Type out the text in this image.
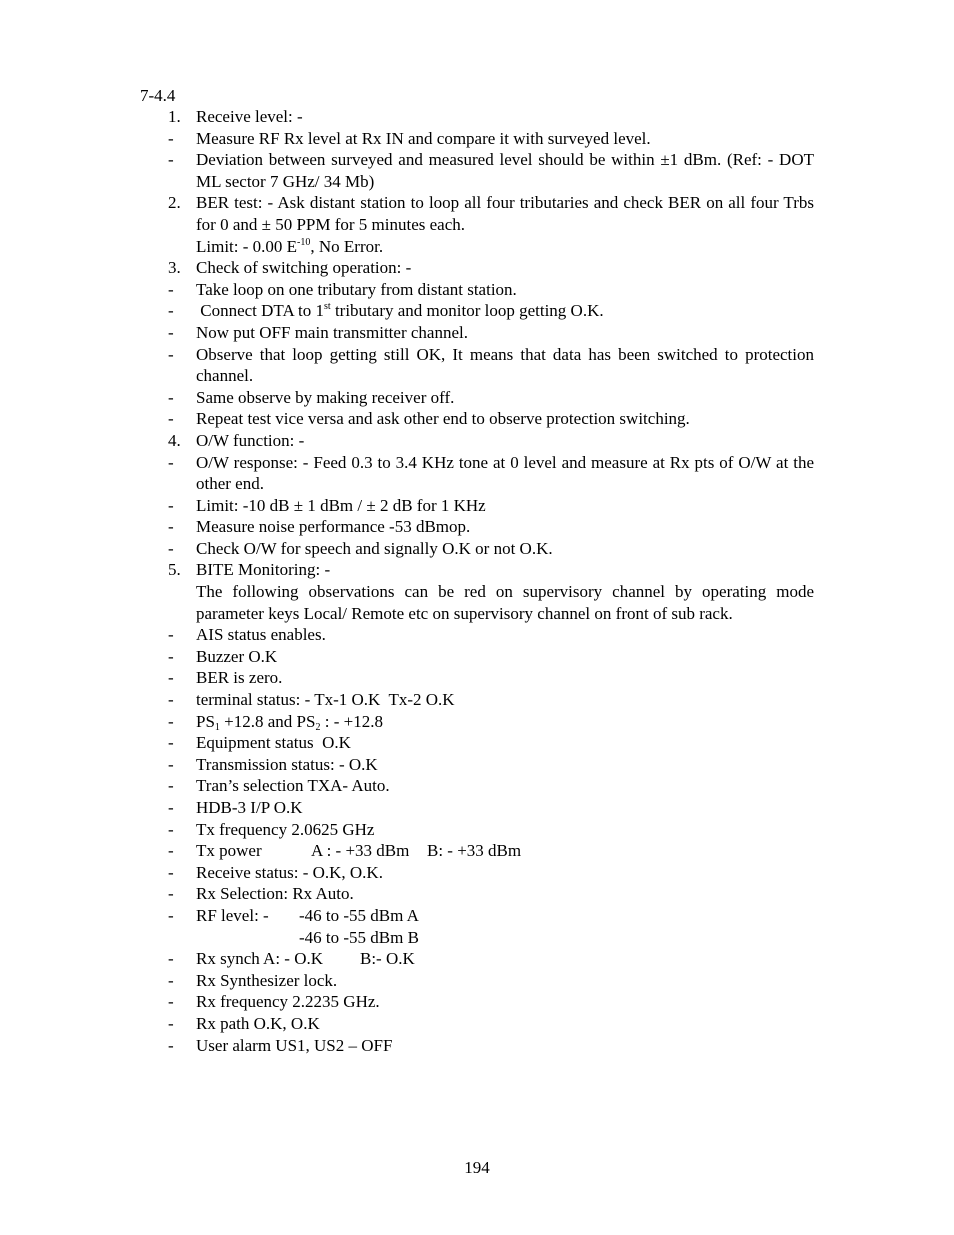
7-4.4
1. Receive level: -
-	Measure RF Rx level at Rx IN and compare it with surveyed level.
-	Deviation between surveyed and measured level should be within ±1 dBm. (Ref: - DOT ML sector 7 GHz/ 34 Mb)
2. BER test: - Ask distant station to loop all four tributaries and check BER on all four Trbs for 0 and ± 50 PPM for 5 minutes each.
Limit: - 0.00 $E^{-10}$, No Error.
3. Check of switching operation: -
-	Take loop on one tributary from distant station.
-	Connect DTA to 1st tributary and monitor loop getting O.K.
-	Now put OFF main transmitter channel.
-	Observe that loop getting still OK, It means that data has been switched to protection channel.
-	Same observe by making receiver off.
-	Repeat test vice versa and ask other end to observe protection switching.
4. O/W function: -
-	O/W response: - Feed 0.3 to 3.4 KHz tone at 0 level and measure at Rx pts of O/W at the other end.
-	Limit: -10 dB ± 1 dBm / ± 2 dB for 1 KHz
-	Measure noise performance -53 dBmop.
-	Check O/W for speech and signally O.K or not O.K.
5. BITE Monitoring: -
The following observations can be red on supervisory channel by operating mode parameter keys Local/ Remote etc on supervisory channel on front of sub rack.
-	AIS status enables.
-	Buzzer O.K
-	BER is zero.
-	terminal status: - Tx-1 O.K  Tx-2 O.K
-	$PS_1 +12.8$ and $PS_2$ : - +12.8
-	Equipment status  O.K
-	Transmission status: - O.K
-	Tran’s selection TXA- Auto.
-	HDB-3 I/P O.K
-	Tx frequency 2.0625 GHz
-	Tx power	A : - +33 dBm B: - +33 dBm
-	Receive status: - O.K, O.K.
-	Rx Selection: Rx Auto.
-	RF level: - -46 to -55 dBm A
-46 to -55 dBm B
-	Rx synch A: - O.K B:- O.K
-	Rx Synthesizer lock.
-	Rx frequency 2.2235 GHz.
-	Rx path O.K, O.K
-	User alarm US1, US2 – OFF
194
